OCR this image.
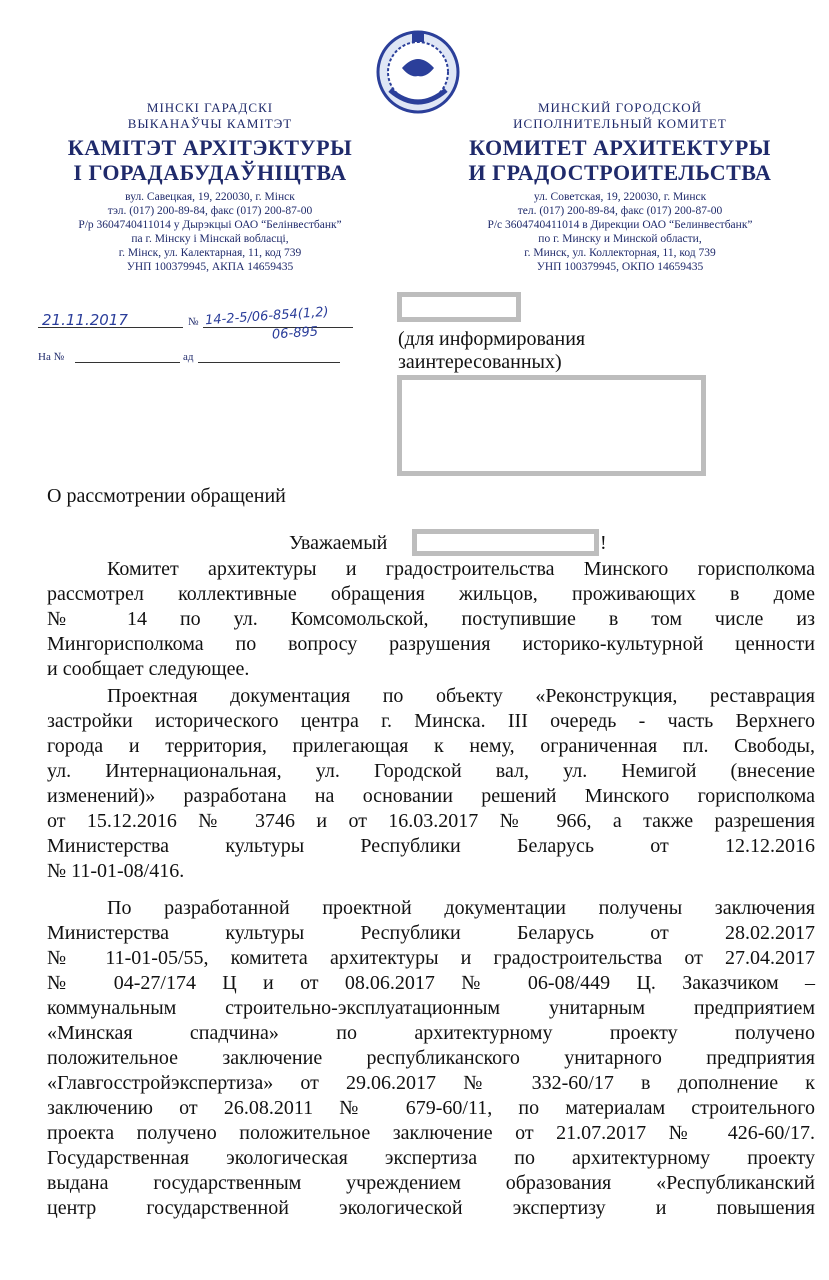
МІНСКІ ГАРАДСКІ
ВЫКАНАЎЧЫ КАМІТЭТ
КАМІТЭТ АРХІТЭКТУРЫ
І ГОРАДАБУДАЎНІЦТВА
вул. Савецкая, 19, 220030, г. Мінск
тэл. (017) 200-89-84, факс (017) 200-87-00
Р/р 3604740411014 у Дырэкцыі ОАО “Белінвестбанк”
па г. Мінску і Мінскай вобласці,
г. Мінск, ул. Калектарная, 11, код 739
УНП 100379945, АКПА 14659435
МИНСКИЙ ГОРОДСКОЙ
ИСПОЛНИТЕЛЬНЫЙ КОМИТЕТ
КОМИТЕТ АРХИТЕКТУРЫ
И ГРАДОСТРОИТЕЛЬСТВА
ул. Советская, 19, 220030, г. Минск
тел. (017) 200-89-84, факс (017) 200-87-00
Р/с 3604740411014 в Дирекции ОАО “Белинвестбанк”
по г. Минску и Минской области,
г. Минск, ул. Коллекторная, 11, код 739
УНП 100379945, ОКПО 14659435
21.11.2017	№ 14-2-5/06-854(1,2)
06-895
На №	ад
(для информирования
заинтересованных)
О рассмотрении обращений
Уважаемый	!
Комитет архитектуры и градостроительства Минского горисполкома
рассмотрел коллективные обращения жильцов, проживающих в доме
№ 14 по ул. Комсомольской, поступившие в том числе из
Мингорисполкома по вопросу разрушения историко-культурной ценности
и сообщает следующее.
Проектная документация по объекту «Реконструкция, реставрация
застройки исторического центра г. Минска. III очередь - часть Верхнего
города и территория, прилегающая к нему, ограниченная пл. Свободы,
ул. Интернациональная, ул. Городской вал, ул. Немигой (внесение
изменений)» разработана на основании решений Минского горисполкома
от 15.12.2016 № 3746 и от 16.03.2017 № 966, а также разрешения
Министерства культуры Республики Беларусь от 12.12.2016
№ 11-01-08/416.
По разработанной проектной документации получены заключения
Министерства культуры Республики Беларусь от 28.02.2017
№ 11-01-05/55, комитета архитектуры и градостроительства от 27.04.2017
№ 04-27/174 Ц и от 08.06.2017 № 06-08/449 Ц. Заказчиком –
коммунальным строительно-эксплуатационным унитарным предприятием
«Минская спадчина» по архитектурному проекту получено
положительное заключение республиканского унитарного предприятия
«Главгосстройэкспертиза» от 29.06.2017 № 332-60/17 в дополнение к
заключению от 26.08.2011 № 679-60/11, по материалам строительного
проекта получено положительное заключение от 21.07.2017 № 426-60/17.
Государственная экологическая экспертиза по архитектурному проекту
выдана государственным учреждением образования «Республиканский
центр государственной экологической экспертизу и повышения
